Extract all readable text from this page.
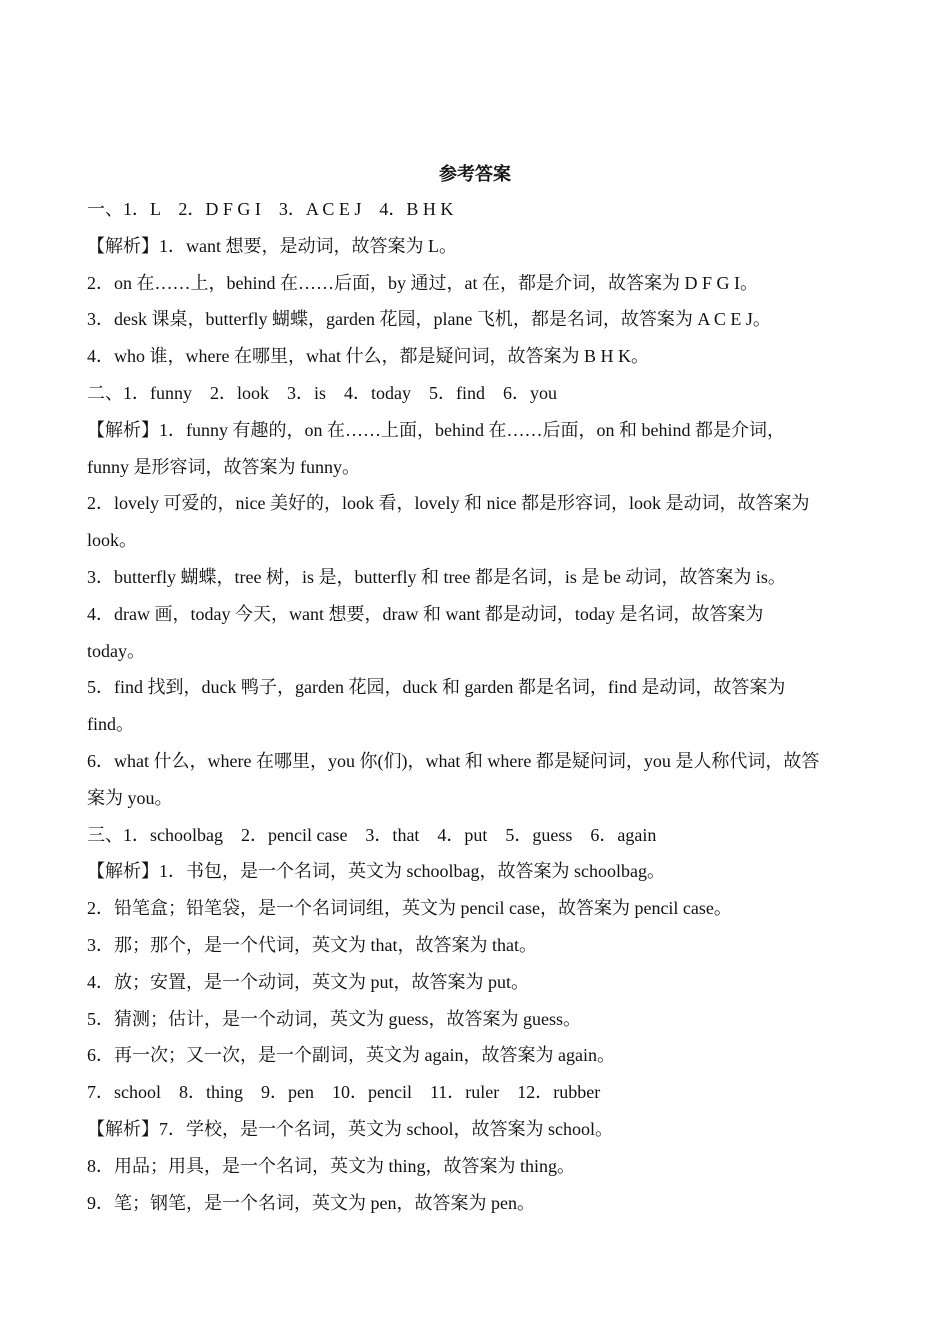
参考答案
一、1．L　2．D F G I　3．A C E J　4．B H K
【解析】1．want 想要，是动词，故答案为 L。
2．on 在……上，behind 在……后面，by 通过，at 在，都是介词，故答案为 D F G I。
3．desk 课桌，butterfly 蝴蝶，garden 花园，plane 飞机，都是名词，故答案为 A C E J。
4．who 谁，where 在哪里，what 什么，都是疑问词，故答案为 B H K。
二、1．funny　2．look　3．is　4．today　5．find　6．you
【解析】1．funny 有趣的，on 在……上面，behind 在……后面，on 和 behind 都是介词，
funny 是形容词，故答案为 funny。
2．lovely 可爱的，nice 美好的，look 看，lovely 和 nice 都是形容词，look 是动词，故答案为
look。
3．butterfly 蝴蝶，tree 树，is 是，butterfly 和 tree 都是名词，is 是 be 动词，故答案为 is。
4．draw 画，today 今天，want 想要，draw 和 want 都是动词，today 是名词，故答案为
today。
5．find 找到，duck 鸭子，garden 花园，duck 和 garden 都是名词，find 是动词，故答案为
find。
6．what 什么，where 在哪里，you 你(们)，what 和 where 都是疑问词，you 是人称代词，故答
案为 you。
三、1．schoolbag　2．pencil case　3．that　4．put　5．guess　6．again
【解析】1．书包，是一个名词，英文为 schoolbag，故答案为 schoolbag。
2．铅笔盒；铅笔袋，是一个名词词组，英文为 pencil case，故答案为 pencil case。
3．那；那个，是一个代词，英文为 that，故答案为 that。
4．放；安置，是一个动词，英文为 put，故答案为 put。
5．猜测；估计，是一个动词，英文为 guess，故答案为 guess。
6．再一次；又一次，是一个副词，英文为 again，故答案为 again。
7．school　8．thing　9．pen　10．pencil　11．ruler　12．rubber
【解析】7．学校，是一个名词，英文为 school，故答案为 school。
8．用品；用具，是一个名词，英文为 thing，故答案为 thing。
9．笔；钢笔，是一个名词，英文为 pen，故答案为 pen。
